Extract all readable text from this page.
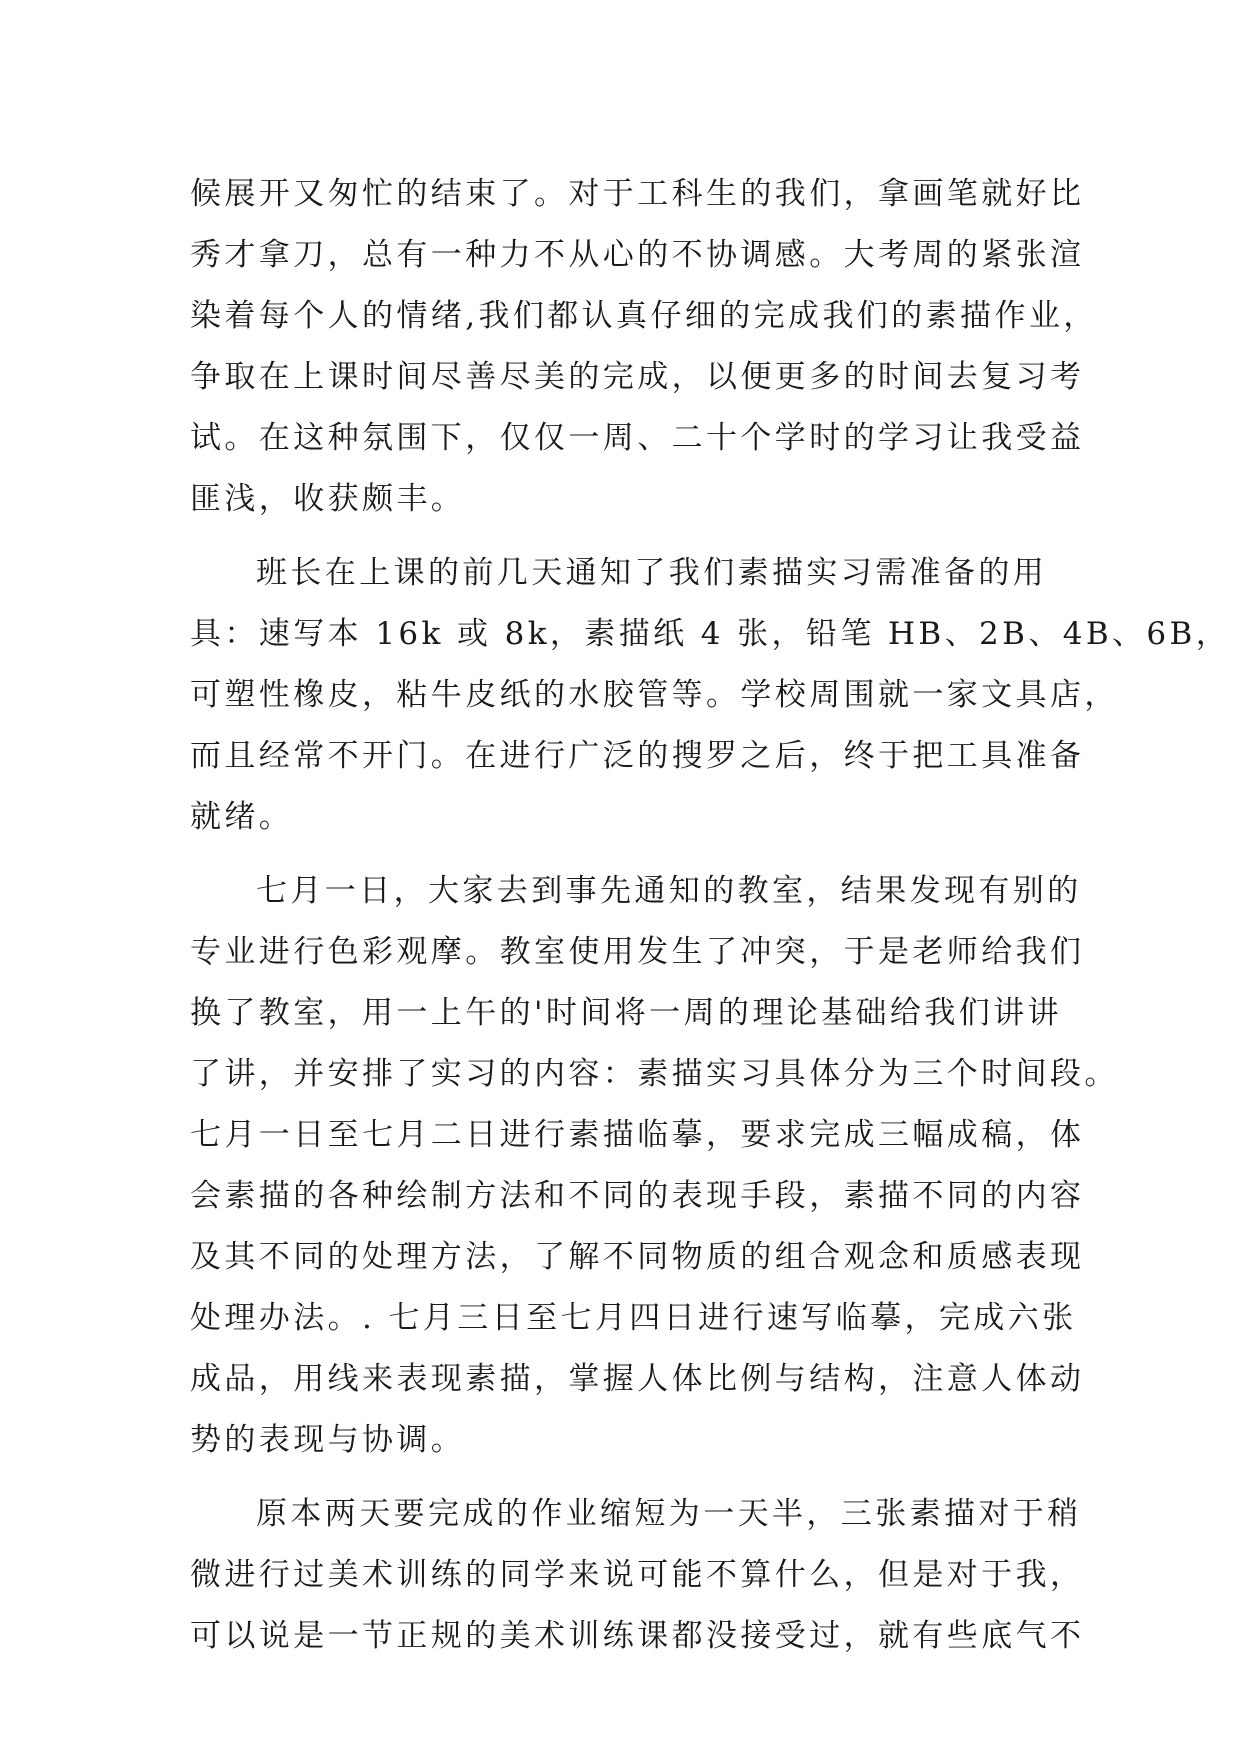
候展开又匆忙的结束了。对于工科生的我们，拿画笔就好比
秀才拿刀，总有一种力不从心的不协调感。大考周的紧张渲
染着每个人的情绪,我们都认真仔细的完成我们的素描作业，
争取在上课时间尽善尽美的完成，以便更多的时间去复习考
试。在这种氛围下，仅仅一周、二十个学时的学习让我受益
匪浅，收获颇丰。
班长在上课的前几天通知了我们素描实习需准备的用
具：速写本 16k 或 8k，素描纸 4 张，铅笔 HB、2B、4B、6B，
可塑性橡皮，粘牛皮纸的水胶管等。学校周围就一家文具店，
而且经常不开门。在进行广泛的搜罗之后，终于把工具准备
就绪。
七月一日，大家去到事先通知的教室，结果发现有别的
专业进行色彩观摩。教室使用发生了冲突，于是老师给我们
换了教室，用一上午的'时间将一周的理论基础给我们讲讲
了讲，并安排了实习的内容：素描实习具体分为三个时间段。
七月一日至七月二日进行素描临摹，要求完成三幅成稿，体
会素描的各种绘制方法和不同的表现手段，素描不同的内容
及其不同的处理方法，了解不同物质的组合观念和质感表现
处理办法。. 七月三日至七月四日进行速写临摹，完成六张
成品，用线来表现素描，掌握人体比例与结构，注意人体动
势的表现与协调。
原本两天要完成的作业缩短为一天半，三张素描对于稍
微进行过美术训练的同学来说可能不算什么，但是对于我，
可以说是一节正规的美术训练课都没接受过，就有些底气不
